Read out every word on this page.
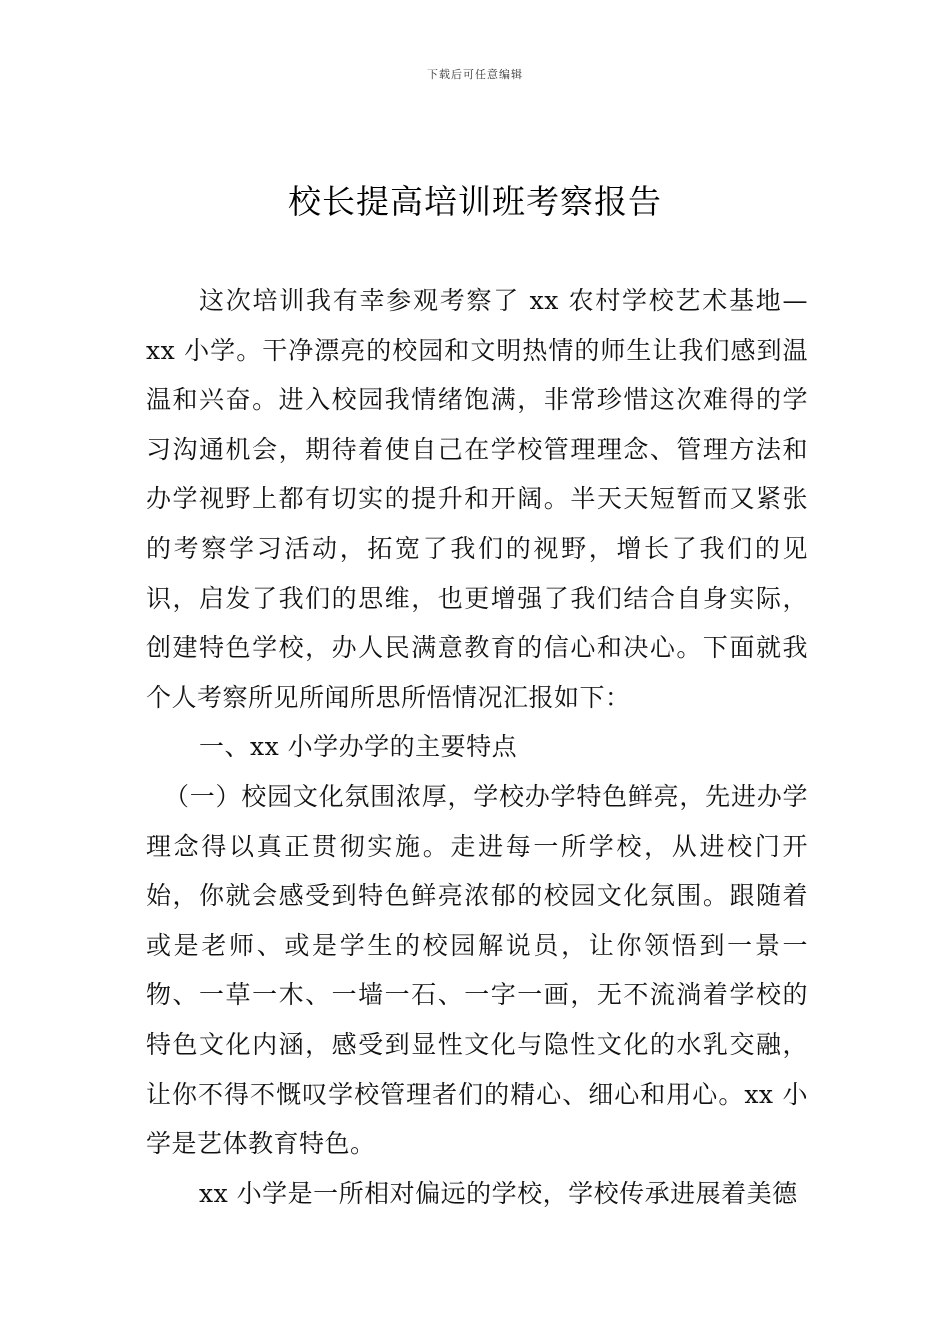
下载后可任意编辑
校长提高培训班考察报告

这次培训我有幸参观考察了 xx 农村学校艺术基地—xx 小学。干净漂亮的校园和文明热情的师生让我们感到温温和兴奋。进入校园我情绪饱满，非常珍惜这次难得的学习沟通机会，期待着使自己在学校管理理念、管理方法和办学视野上都有切实的提升和开阔。半天天短暂而又紧张的考察学习活动，拓宽了我们的视野，增长了我们的见识，启发了我们的思维，也更增强了我们结合自身实际，创建特色学校，办人民满意教育的信心和决心。下面就我个人考察所见所闻所思所悟情况汇报如下：

一、xx 小学办学的主要特点

（一）校园文化氛围浓厚，学校办学特色鲜亮，先进办学理念得以真正贯彻实施。走进每一所学校，从进校门开始，你就会感受到特色鲜亮浓郁的校园文化氛围。跟随着或是老师、或是学生的校园解说员，让你领悟到一景一物、一草一木、一墙一石、一字一画，无不流淌着学校的特色文化内涵，感受到显性文化与隐性文化的水乳交融，让你不得不慨叹学校管理者们的精心、细心和用心。xx 小学是艺体教育特色。

xx 小学是一所相对偏远的学校，学校传承进展着美德
